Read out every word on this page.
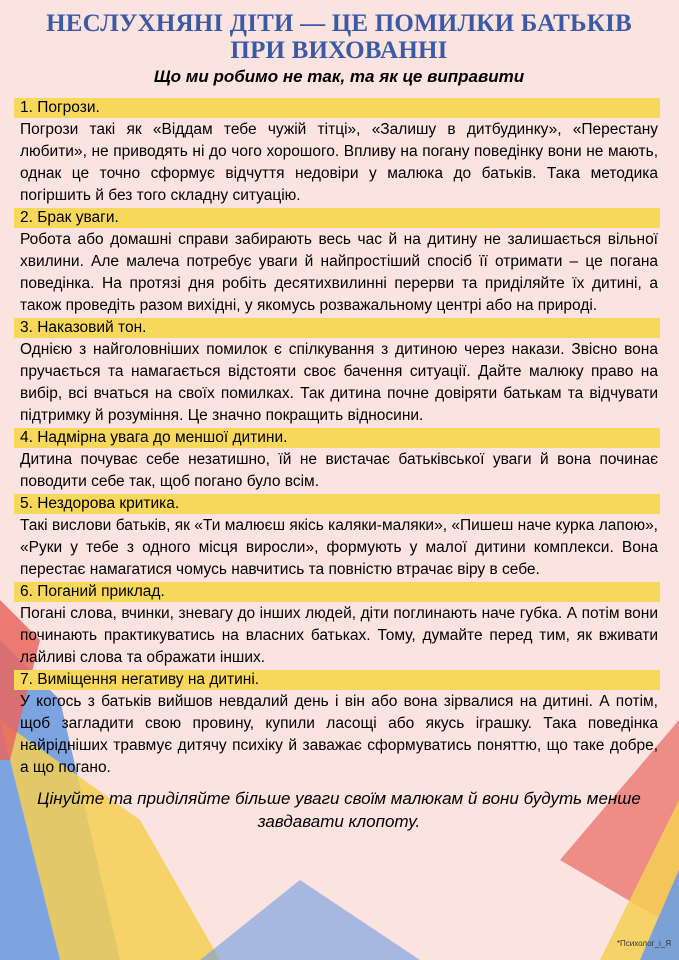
НЕСЛУХНЯНІ ДІТИ — ЦЕ ПОМИЛКИ БАТЬКІВ
ПРИ ВИХОВАННІ
Що ми робимо не так, та як це виправити
1. Погрози.
Погрози такі як «Віддам тебе чужій тітці», «Залишу в дитбудинку», «Перестану любити», не приводять ні до чого хорошого. Впливу на погану поведінку вони не мають, однак це точно сформує відчуття недовіри у малюка до батьків. Така методика погіршить й без того складну ситуацію.
2. Брак уваги.
Робота або домашні справи забирають весь час й на дитину не залишається вільної хвилини. Але малеча потребує уваги й найпростіший спосіб її отримати – це погана поведінка. На протязі дня робіть десятихвилинні перерви та приділяйте їх дитині, а також проведіть разом вихідні, у якомусь розважальному центрі або на природі.
3. Наказовий тон.
Однією з найголовніших помилок є спілкування з дитиною через накази. Звісно вона пручається та намагається відстояти своє бачення ситуації. Дайте малюку право на вибір, всі вчаться на своїх помилках. Так дитина почне довіряти батькам та відчувати підтримку й розуміння. Це значно покращить відносини.
4. Надмірна увага до меншої дитини.
Дитина почуває себе незатишно, їй не вистачає батьківської уваги й вона починає поводити себе так, щоб погано було всім.
5. Нездорова критика.
Такі вислови батьків, як «Ти малюєш якісь каляки-маляки», «Пишеш наче курка лапою», «Руки у тебе з одного місця виросли», формують у малої дитини комплекси. Вона перестає намагатися чомусь навчитись та повністю втрачає віру в себе.
6. Поганий приклад.
Погані слова, вчинки, зневагу до інших людей, діти поглинають наче губка. А потім вони починають практикуватись на власних батьках. Тому, думайте перед тим, як вживати лайливі слова та ображати інших.
7. Виміщення негативу на дитині.
У когось з батьків вийшов невдалий день і він або вона зірвалися на дитині. А потім, щоб загладити свою провину, купили ласощі або якусь іграшку. Така поведінка найрідніших травмує дитячу психіку й заважає сформуватись поняттю, що таке добре, а що погано.
Цінуйте та приділяйте більше уваги своїм малюкам й вони будуть менше завдавати клопоту.
*Психолог_і_Я
